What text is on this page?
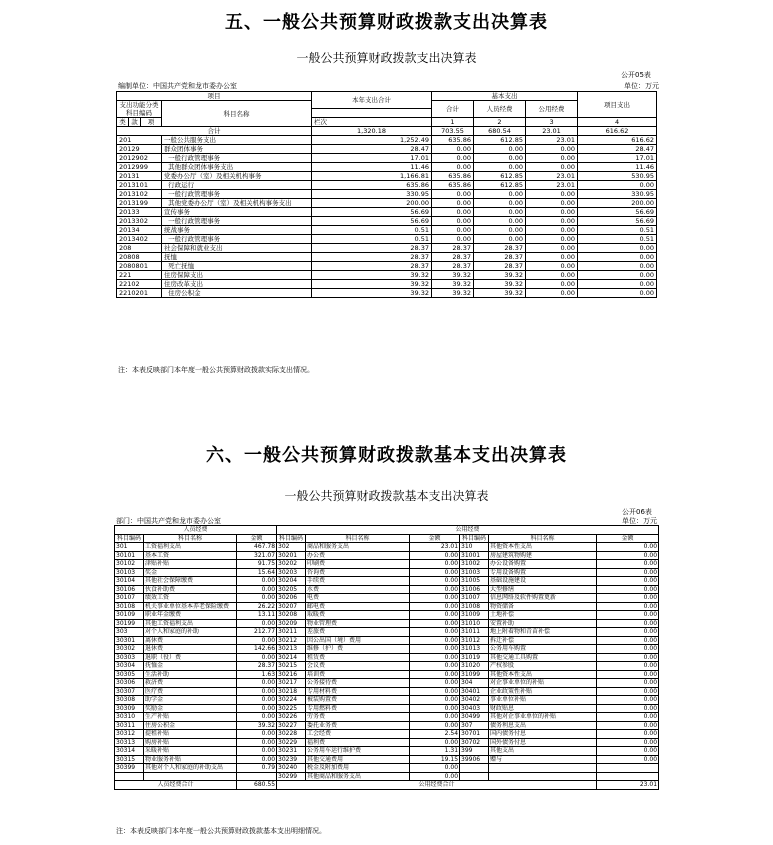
五、一般公共预算财政拨款支出决算表
一般公共预算财政拨款支出决算表
公开05表
编制单位：中国共产党和龙市委办公室	单位：万元
项目				本年支出合计	基本支出			项目支出	
支出功能分类科目编码			科目名称						
					合计	人员经费	公用经费		

类	款	项		栏次	1	2	3	4	
合计				1,320.18	703.55	680.54	23.01	616.62	
201			一般公共服务支出	1,252.49	635.86	612.85	23.01	616.62	
20129			群众团体事务	28.47	0.00	0.00	0.00	28.47	
2012902			一般行政管理事务	17.01	0.00	0.00	0.00	17.01	
2012999			其他群众团体事务支出	11.46	0.00	0.00	0.00	11.46	
20131			党委办公厅（室）及相关机构事务	1,166.81	635.86	612.85	23.01	530.95	
2013101			行政运行	635.86	635.86	612.85	23.01	0.00	
2013102			一般行政管理事务	330.95	0.00	0.00	0.00	330.95	
2013199			其他党委办公厅（室）及相关机构事务支出	200.00	0.00	0.00	0.00	200.00	
20133			宣传事务	56.69	0.00	0.00	0.00	56.69	
2013302			一般行政管理事务	56.69	0.00	0.00	0.00	56.69	
20134			统战事务	0.51	0.00	0.00	0.00	0.51	
2013402			一般行政管理事务	0.51	0.00	0.00	0.00	0.51	
208			社会保障和就业支出	28.37	28.37	28.37	0.00	0.00	
20808			抚恤	28.37	28.37	28.37	0.00	0.00	
2080801			死亡抚恤	28.37	28.37	28.37	0.00	0.00	
221			住房保障支出	39.32	39.32	39.32	0.00	0.00	
22102			住房改革支出	39.32	39.32	39.32	0.00	0.00	
2210201			住房公积金	39.32	39.32	39.32	0.00	0.00	
注：本表反映部门本年度一般公共预算财政拨款实际支出情况。
六、一般公共预算财政拨款基本支出决算表
一般公共预算财政拨款基本支出决算表
公开06表
部门：中国共产党和龙市委办公室	单位：万元
人员经费			公用经费					
科目编码	科目名称	金额	科目编码	科目名称	金额	科目编码	科目名称	金额
301	工资福利支出	467.78	302	商品和服务支出	23.01	310	其他资本性支出	0.00
30101	基本工资	321.07	30201	办公费	0.00	31001	房屋建筑物购建	0.00
30102	津贴补贴	91.75	30202	印刷费	0.00	31002	办公设备购置	0.00
30103	奖金	15.64	30203	咨询费	0.00	31003	专用设备购置	0.00
30104	其他社会保障缴费	0.00	30204	手续费	0.00	31005	基础设施建设	0.00
30106	伙食补助费	0.00	30205	水费	0.00	31006	大型修缮	0.00
30107	绩效工资	0.00	30206	电费	0.00	31007	信息网络及软件购置更新	0.00
30108	机关事业单位基本养老保险缴费	26.22	30207	邮电费	0.00	31008	物资储备	0.00
30109	职业年金缴费	13.11	30208	取暖费	0.00	31009	土地补偿	0.00
30199	其他工资福利支出	0.00	30209	物业管理费	0.00	31010	安置补助	0.00
303	对个人和家庭的补助	212.77	30211	差旅费	0.00	31011	地上附着物和青苗补偿	0.00
30301	离休费	0.00	30212	因公出国（境）费用	0.00	31012	拆迁补偿	0.00
30302	退休费	142.66	30213	维修（护）费	0.00	31013	公务用车购置	0.00
30303	退职（役）费	0.00	30214	租赁费	0.00	31019	其他交通工具购置	0.00
30304	抚恤金	28.37	30215	会议费	0.00	31020	产权参股	0.00
30305	生活补助	1.63	30216	培训费	0.00	31099	其他资本性支出	0.00
30306	救济费	0.00	30217	公务接待费	0.00	304	对企事业单位的补贴	0.00
30307	医疗费	0.00	30218	专用材料费	0.00	30401	企业政策性补贴	0.00
30308	助学金	0.00	30224	被装购置费	0.00	30402	事业单位补贴	0.00
30309	奖励金	0.00	30225	专用燃料费	0.00	30403	财政贴息	0.00
30310	生产补贴	0.00	30226	劳务费	0.00	30499	其他对企事业单位的补贴	0.00
30311	住房公积金	39.32	30227	委托业务费	0.00	307	债务利息支出	0.00
30312	提租补贴	0.00	30228	工会经费	2.54	30701	国内债务付息	0.00
30313	购房补贴	0.00	30229	福利费	0.00	30702	国外债务付息	0.00
30314	采暖补贴	0.00	30231	公务用车运行维护费	1.31	399	其他支出	0.00
30315	物业服务补贴	0.00	30239	其他交通费用	19.15	39906	赠与	0.00
30399	其他对个人和家庭的补助支出	0.79	30240	税金及附加费用	0.00			
			30299	其他商品和服务支出	0.00			
人员经费合计		680.55	公用经费合计					23.01
注：本表反映部门本年度一般公共预算财政拨款基本支出明细情况。
